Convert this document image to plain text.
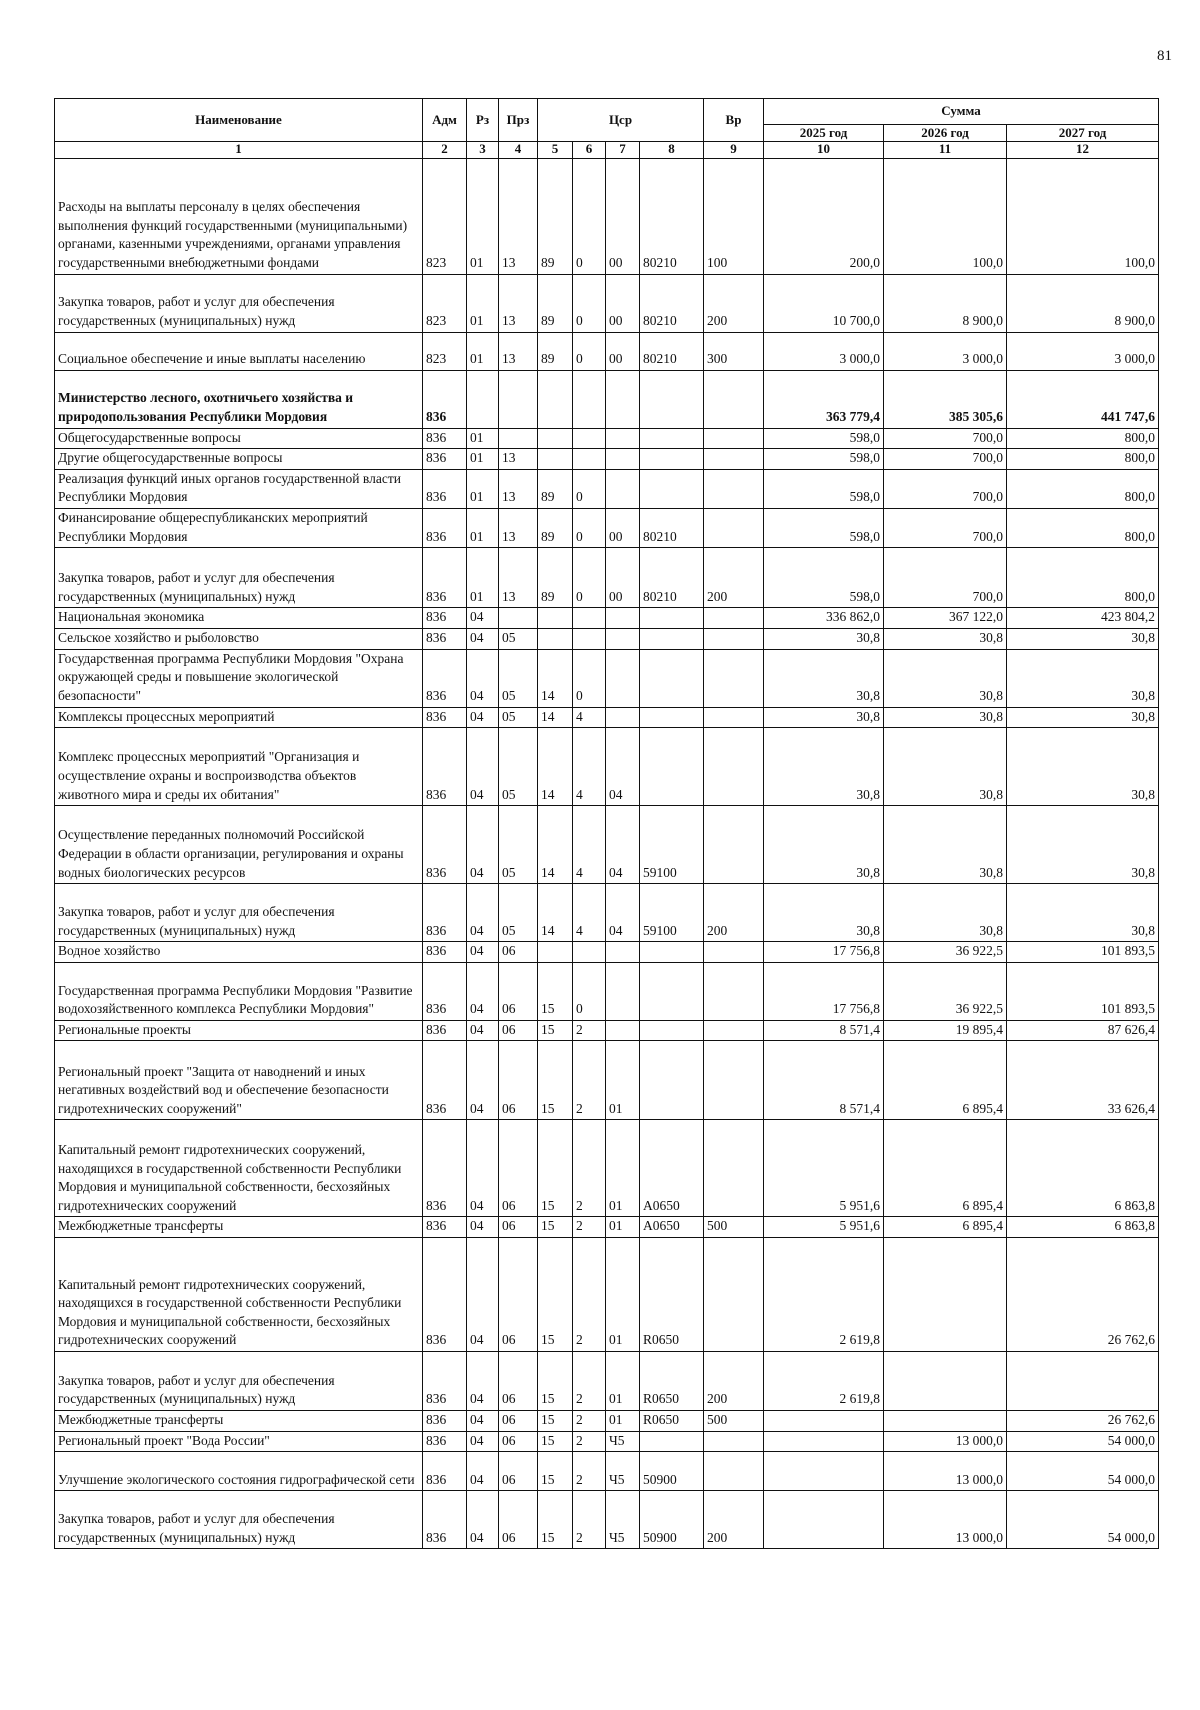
81
Наименование	Адм	Рз	Прз	Цср				Вр	Сумма		
									2025 год	2026 год	2027 год
1	2	3	4	5	6	7	8	9	10	11	12
Расходы на выплаты персоналу в целях обеспечения выполнения функций государственными (муниципальными) органами, казенными учреждениями, органами управления государственными внебюджетными фондами	823	01	13	89	0	00	80210	100	200,0	100,0	100,0
Закупка товаров, работ и услуг для обеспечения государственных (муниципальных) нужд	823	01	13	89	0	00	80210	200	10 700,0	8 900,0	8 900,0
Социальное обеспечение и иные выплаты населению	823	01	13	89	0	00	80210	300	3 000,0	3 000,0	3 000,0
Министерство лесного, охотничьего хозяйства и природопользования Республики Мордовия	836								363 779,4	385 305,6	441 747,6
Общегосударственные вопросы	836	01							598,0	700,0	800,0
Другие общегосударственные вопросы	836	01	13						598,0	700,0	800,0
Реализация функций иных органов государственной власти Республики Мордовия	836	01	13	89	0				598,0	700,0	800,0
Финансирование общереспубликанских мероприятий Республики Мордовия	836	01	13	89	0	00	80210		598,0	700,0	800,0
Закупка товаров, работ и услуг для обеспечения государственных (муниципальных) нужд	836	01	13	89	0	00	80210	200	598,0	700,0	800,0
Национальная экономика	836	04							336 862,0	367 122,0	423 804,2
Сельское хозяйство и рыболовство	836	04	05						30,8	30,8	30,8
Государственная программа Республики Мордовия "Охрана окружающей среды и повышение экологической безопасности"	836	04	05	14	0				30,8	30,8	30,8
Комплексы процессных мероприятий	836	04	05	14	4				30,8	30,8	30,8
Комплекс процессных мероприятий "Организация и осуществление охраны и воспроизводства объектов животного мира и среды их обитания"	836	04	05	14	4	04			30,8	30,8	30,8
Осуществление переданных полномочий Российской Федерации в области организации, регулирования и охраны водных биологических ресурсов	836	04	05	14	4	04	59100		30,8	30,8	30,8
Закупка товаров, работ и услуг для обеспечения государственных (муниципальных) нужд	836	04	05	14	4	04	59100	200	30,8	30,8	30,8
Водное хозяйство	836	04	06						17 756,8	36 922,5	101 893,5
Государственная программа Республики Мордовия "Развитие водохозяйственного комплекса Республики Мордовия"	836	04	06	15	0				17 756,8	36 922,5	101 893,5
Региональные проекты	836	04	06	15	2				8 571,4	19 895,4	87 626,4
Региональный проект "Защита от наводнений и иных негативных воздействий вод и обеспечение безопасности гидротехнических сооружений"	836	04	06	15	2	01			8 571,4	6 895,4	33 626,4
Капитальный ремонт гидротехнических сооружений, находящихся в государственной собственности Республики Мордовия и муниципальной собственности, бесхозяйных гидротехнических сооружений	836	04	06	15	2	01	A0650		5 951,6	6 895,4	6 863,8
Межбюджетные трансферты	836	04	06	15	2	01	A0650	500	5 951,6	6 895,4	6 863,8
Капитальный ремонт гидротехнических сооружений, находящихся в государственной собственности Республики Мордовия и муниципальной собственности, бесхозяйных гидротехнических сооружений	836	04	06	15	2	01	R0650		2 619,8		26 762,6
Закупка товаров, работ и услуг для обеспечения государственных (муниципальных) нужд	836	04	06	15	2	01	R0650	200	2 619,8		
Межбюджетные трансферты	836	04	06	15	2	01	R0650	500			26 762,6
Региональный проект "Вода России"	836	04	06	15	2	Ч5				13 000,0	54 000,0
Улучшение экологического состояния гидрографической сети	836	04	06	15	2	Ч5	50900			13 000,0	54 000,0
Закупка товаров, работ и услуг для обеспечения государственных (муниципальных) нужд	836	04	06	15	2	Ч5	50900	200		13 000,0	54 000,0
